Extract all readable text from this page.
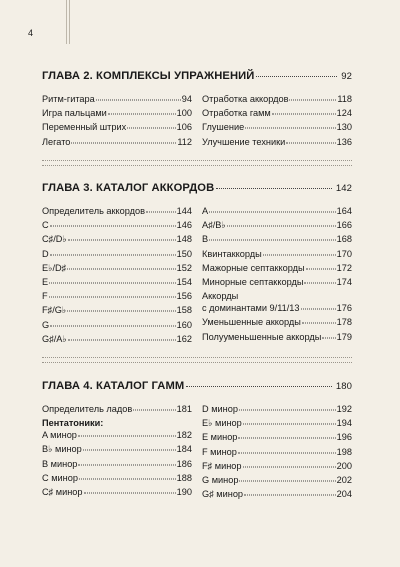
4
ГЛАВА 2. КОМПЛЕКСЫ УПРАЖНЕНИЙ	92
Ритм-гитара	94
Игра пальцами	100
Переменный штрих	106
Легато	112
Отработка аккордов	118
Отработка гамм	124
Глушение	130
Улучшение техники	136
ГЛАВА 3. КАТАЛОГ АККОРДОВ	142
Определитель аккордов	144
C	146
C♯/D♭	148
D	150
E♭/D♯	152
E	154
F	156
F♯/G♭	158
G	160
G♯/A♭	162
A	164
A♯/B♭	166
B	168
Квинтаккорды	170
Мажорные септаккорды	172
Минорные септаккорды	174
Аккорды
с доминантами 9/11/13	176
Уменьшенные аккорды	178
Полууменьшенные аккорды 179
ГЛАВА 4. КАТАЛОГ ГАММ	180
Определитель ладов	181
Пентатоники:
A минор	182
B♭ минор	184
B минор	186
C минор	188
C♯ минор	190
D минор	192
E♭ минор	194
E минор	196
F минор	198
F♯ минор	200
G минор	202
G♯ минор	204
